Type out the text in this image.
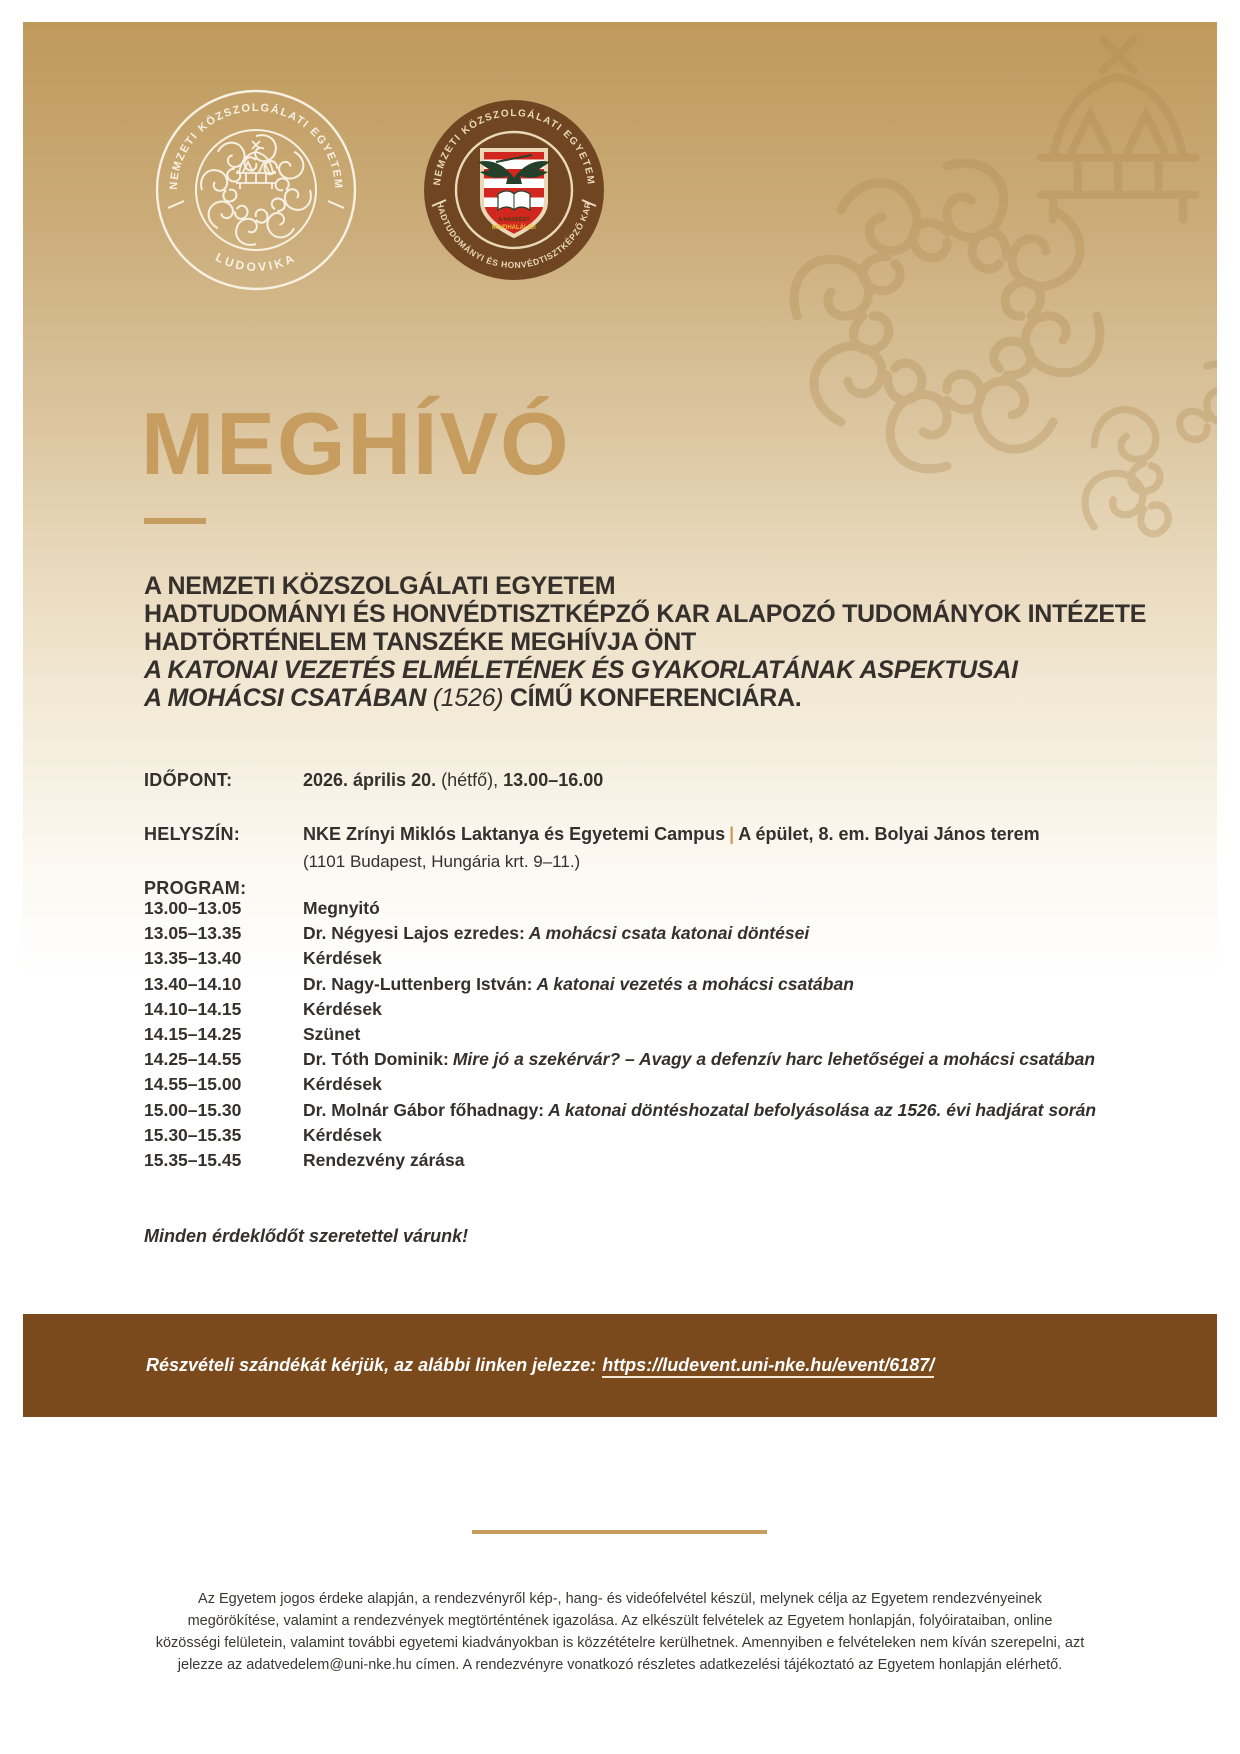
NEMZETI KÖZSZOLGÁLATI EGYETEM
LUDOVIKA
NEMZETI KÖZSZOLGÁLATI EGYETEM
HADTUDOMÁNYI ÉS HONVÉDTISZTKÉPZŐ KAR
A HAZÁÉRT
MINDHALÁLIG!
MEGHÍVÓ
A NEMZETI KÖZSZOLGÁLATI EGYETEM
HADTUDOMÁNYI ÉS HONVÉDTISZTKÉPZŐ KAR ALAPOZÓ TUDOMÁNYOK INTÉZETE
HADTÖRTÉNELEM TANSZÉKE MEGHÍVJA ÖNT
A KATONAI VEZETÉS ELMÉLETÉNEK ÉS GYAKORLATÁNAK ASPEKTUSAI
A MOHÁCSI CSATÁBAN (1526) CÍMŰ KONFERENCIÁRA.
IDŐPONT:	2026. április 20. (hétfő), 13.00–16.00
HELYSZÍN:	NKE Zrínyi Miklós Laktanya és Egyetemi Campus | A épület, 8. em. Bolyai János terem
(1101 Budapest, Hungária krt. 9–11.)
PROGRAM:
13.00–13.05	Megnyitó
13.05–13.35	Dr. Négyesi Lajos ezredes: A mohácsi csata katonai döntései
13.35–13.40	Kérdések
13.40–14.10	Dr. Nagy-Luttenberg István: A katonai vezetés a mohácsi csatában
14.10–14.15	Kérdések
14.15–14.25	Szünet
14.25–14.55	Dr. Tóth Dominik: Mire jó a szekérvár? – Avagy a defenzív harc lehetőségei a mohácsi csatában
14.55–15.00	Kérdések
15.00–15.30	Dr. Molnár Gábor főhadnagy: A katonai döntéshozatal befolyásolása az 1526. évi hadjárat során
15.30–15.35	Kérdések
15.35–15.45	Rendezvény zárása
Minden érdeklődőt szeretettel várunk!
Részvételi szándékát kérjük, az alábbi linken jelezze: https://ludevent.uni-nke.hu/event/6187/
Az Egyetem jogos érdeke alapján, a rendezvényről kép-, hang- és videófelvétel készül, melynek célja az Egyetem rendezvényeinek megörökítése, valamint a rendezvények megtörténtének igazolása. Az elkészült felvételek az Egyetem honlapján, folyóirataiban, online közösségi felületein, valamint további egyetemi kiadványokban is közzétételre kerülhetnek. Amennyiben e felvételeken nem kíván szerepelni, azt jelezze az adatvedelem@uni-nke.hu címen. A rendezvényre vonatkozó részletes adatkezelési tájékoztató az Egyetem honlapján elérhető.
